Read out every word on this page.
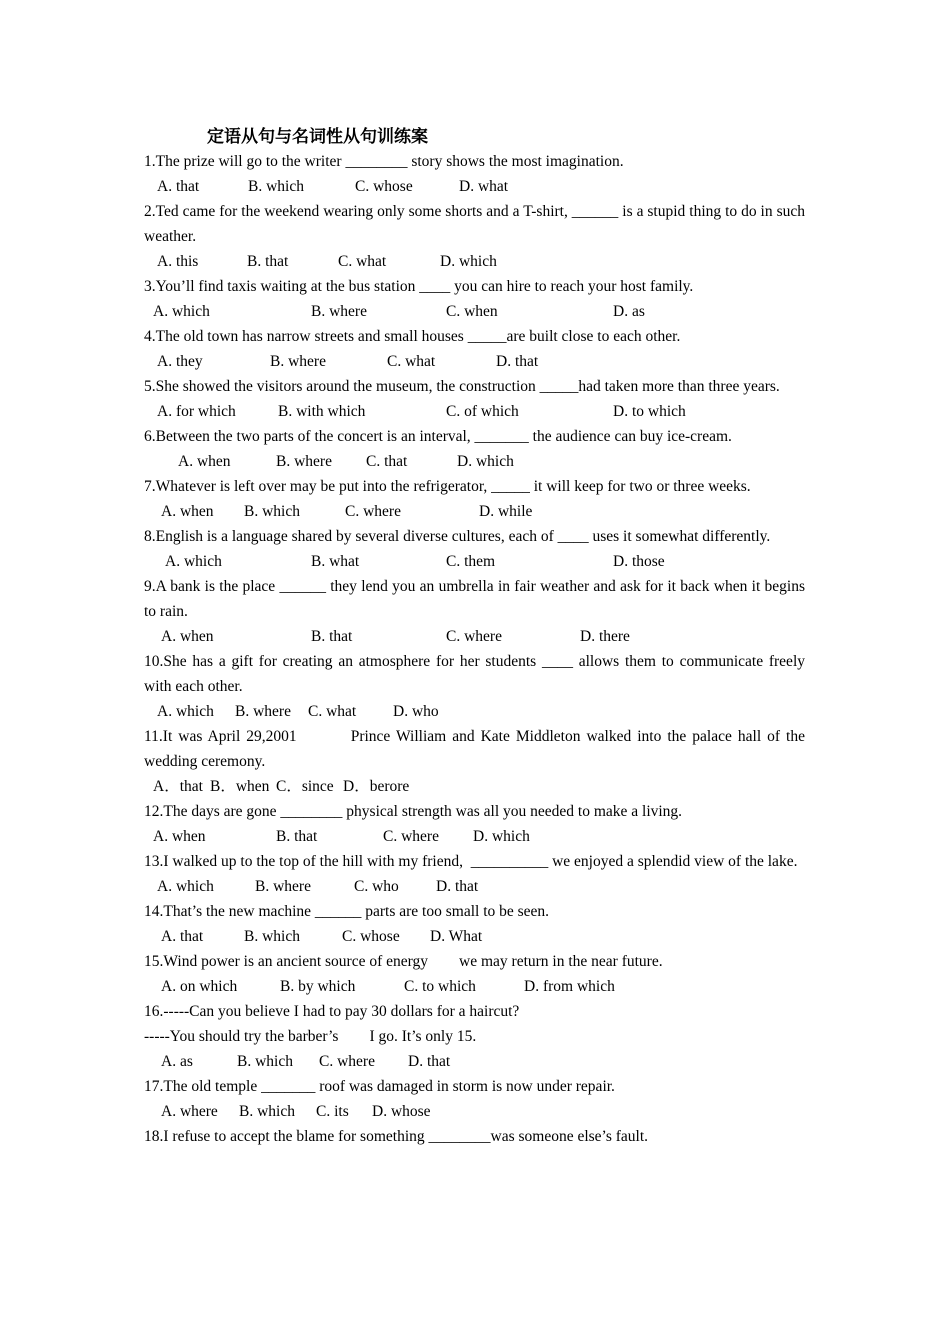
定语从句与名词性从句训练案
1.The prize will go to the writer ________ story shows the most imagination.
A. that	B. which	C. whose	D. what
2.Ted came for the weekend wearing only some shorts and a T-shirt, ______ is a stupid thing to do in such weather.
A. this	B. that	C. what	D. which
3.You’ll find taxis waiting at the bus station ____ you can hire to reach your host family.
A. which	B. where	C. when	D. as
4.The old town has narrow streets and small houses _____are built close to each other.
A. they	B. where	C. what	D. that
5.She showed the visitors around the museum, the construction _____had taken more than three years.
A. for which	B. with which	C. of which	D. to which
6.Between the two parts of the concert is an interval, _______ the audience can buy ice-cream.
A. when	B. where C. that	D. which
7.Whatever is left over may be put into the refrigerator, _____ it will keep for two or three weeks.
A. when B. which	C. where	D. while
8.English is a language shared by several diverse cultures, each of ____ uses it somewhat differently.
A. which	B. what	C. them	D. those
9.A bank is the place ______ they lend you an umbrella in fair weather and ask for it back when it begins to rain.
A. when	B. that	C. where	D. there
10.She has a gift for creating an atmosphere for her students ____ allows them to communicate freely with each other.
A. which B. where C. what D. who
11.It was April 29,2001         Prince William and Kate Middleton walked into the palace hall of the wedding ceremony.
A．that B．when C．since D．berore
12.The days are gone ________ physical strength was all you needed to make a living.
A. when	B. that	C. where D. which
13.I walked up to the top of the hill with my friend,  __________ we enjoyed a splendid view of the lake.
A. which	B. where	C. who D. that
14.That’s the new machine ______ parts are too small to be seen.
A. that	B. which	C. whose D. What
15.Wind power is an ancient source of energy        we may return in the near future.
A. on which	B. by which	C. to which	D. from which
16.-----Can you believe I had to pay 30 dollars for a haircut?
-----You should try the barber’s        I go. It’s only 15.
A. as	B. which C. where D. that
17.The old temple _______ roof was damaged in storm is now under repair.
A. where B. which C. its D. whose
18.I refuse to accept the blame for something ________was someone else’s fault.
